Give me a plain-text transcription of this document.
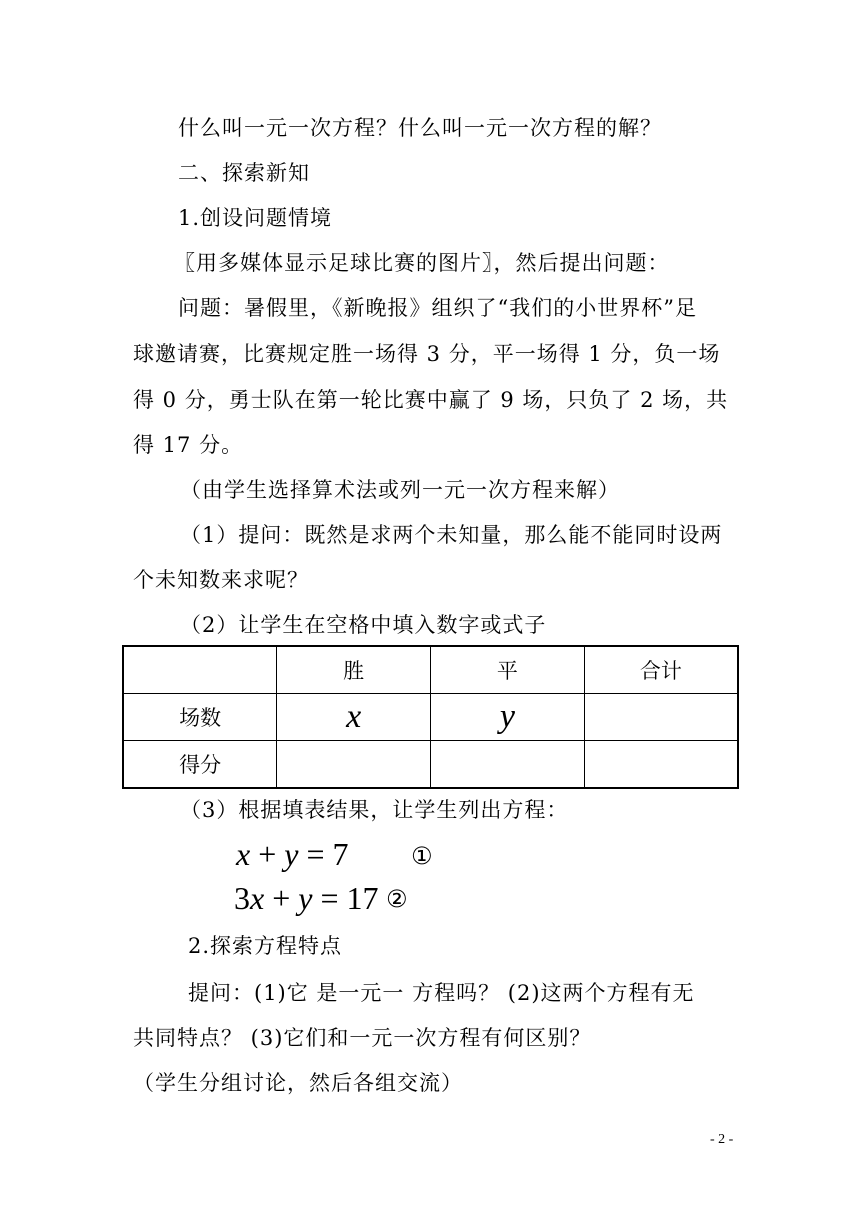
什么叫一元一次方程？什么叫一元一次方程的解？
二、探索新知
1.创设问题情境
〖用多媒体显示足球比赛的图片〗，然后提出问题：
问题：暑假里，《新晚报》组织了“我们的小世界杯”足
球邀请赛，比赛规定胜一场得 3 分，平一场得 1 分，负一场
得 0 分，勇士队在第一轮比赛中赢了 9 场，只负了 2 场，共
得 17 分。
（由学生选择算术法或列一元一次方程来解）
（1）提问：既然是求两个未知量，那么能不能同时设两
个未知数来求呢？
（2）让学生在空格中填入数字或式子
	胜	平	合计
场数	x	y	
得分			
（3）根据填表结果，让学生列出方程：
x + y = 7	①
3x + y = 17 ②
2.探索方程特点
提问：(1)它 是一元一 方程吗？ (2)这两个方程有无
共同特点？ (3)它们和一元一次方程有何区别？
（学生分组讨论，然后各组交流）
- 2 -
